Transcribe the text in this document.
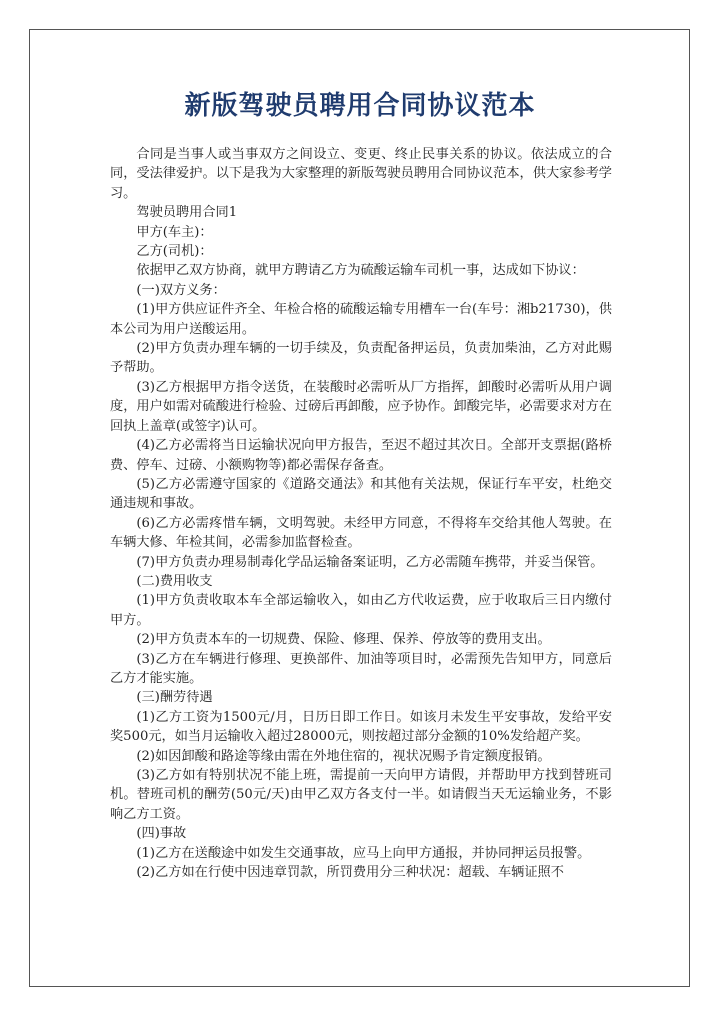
新版驾驶员聘用合同协议范本

合同是当事人或当事双方之间设立、变更、终止民事关系的协议。依法成立的合同，受法律爱护。以下是我为大家整理的新版驾驶员聘用合同协议范本，供大家参考学习。

驾驶员聘用合同1

甲方(车主)：

乙方(司机)：

依据甲乙双方协商，就甲方聘请乙方为硫酸运输车司机一事，达成如下协议：

(一)双方义务：

(1)甲方供应证件齐全、年检合格的硫酸运输专用槽车一台(车号：湘b21730)，供本公司为用户送酸运用。

(2)甲方负责办理车辆的一切手续及，负责配备押运员，负责加柴油，乙方对此赐予帮助。

(3)乙方根据甲方指令送货，在装酸时必需听从厂方指挥，卸酸时必需听从用户调度，用户如需对硫酸进行检验、过磅后再卸酸，应予协作。卸酸完毕，必需要求对方在回执上盖章(或签字)认可。

(4)乙方必需将当日运输状况向甲方报告，至迟不超过其次日。全部开支票据(路桥费、停车、过磅、小额购物等)都必需保存备查。

(5)乙方必需遵守国家的《道路交通法》和其他有关法规，保证行车平安，杜绝交通违规和事故。

(6)乙方必需疼惜车辆，文明驾驶。未经甲方同意，不得将车交给其他人驾驶。在车辆大修、年检其间，必需参加监督检查。

(7)甲方负责办理易制毒化学品运输备案证明，乙方必需随车携带，并妥当保管。

(二)费用收支

(1)甲方负责收取本车全部运输收入，如由乙方代收运费，应于收取后三日内缴付甲方。

(2)甲方负责本车的一切规费、保险、修理、保养、停放等的费用支出。

(3)乙方在车辆进行修理、更换部件、加油等项目时，必需预先告知甲方，同意后乙方才能实施。

(三)酬劳待遇

(1)乙方工资为1500元/月，日历日即工作日。如该月未发生平安事故，发给平安奖500元，如当月运输收入超过28000元，则按超过部分金额的10%发给超产奖。

(2)如因卸酸和路途等缘由需在外地住宿的，视状况赐予肯定额度报销。

(3)乙方如有特别状况不能上班，需提前一天向甲方请假，并帮助甲方找到替班司机。替班司机的酬劳(50元/天)由甲乙双方各支付一半。如请假当天无运输业务，不影响乙方工资。

(四)事故

(1)乙方在送酸途中如发生交通事故，应马上向甲方通报，并协同押运员报警。

(2)乙方如在行使中因违章罚款，所罚费用分三种状况：超载、车辆证照不
